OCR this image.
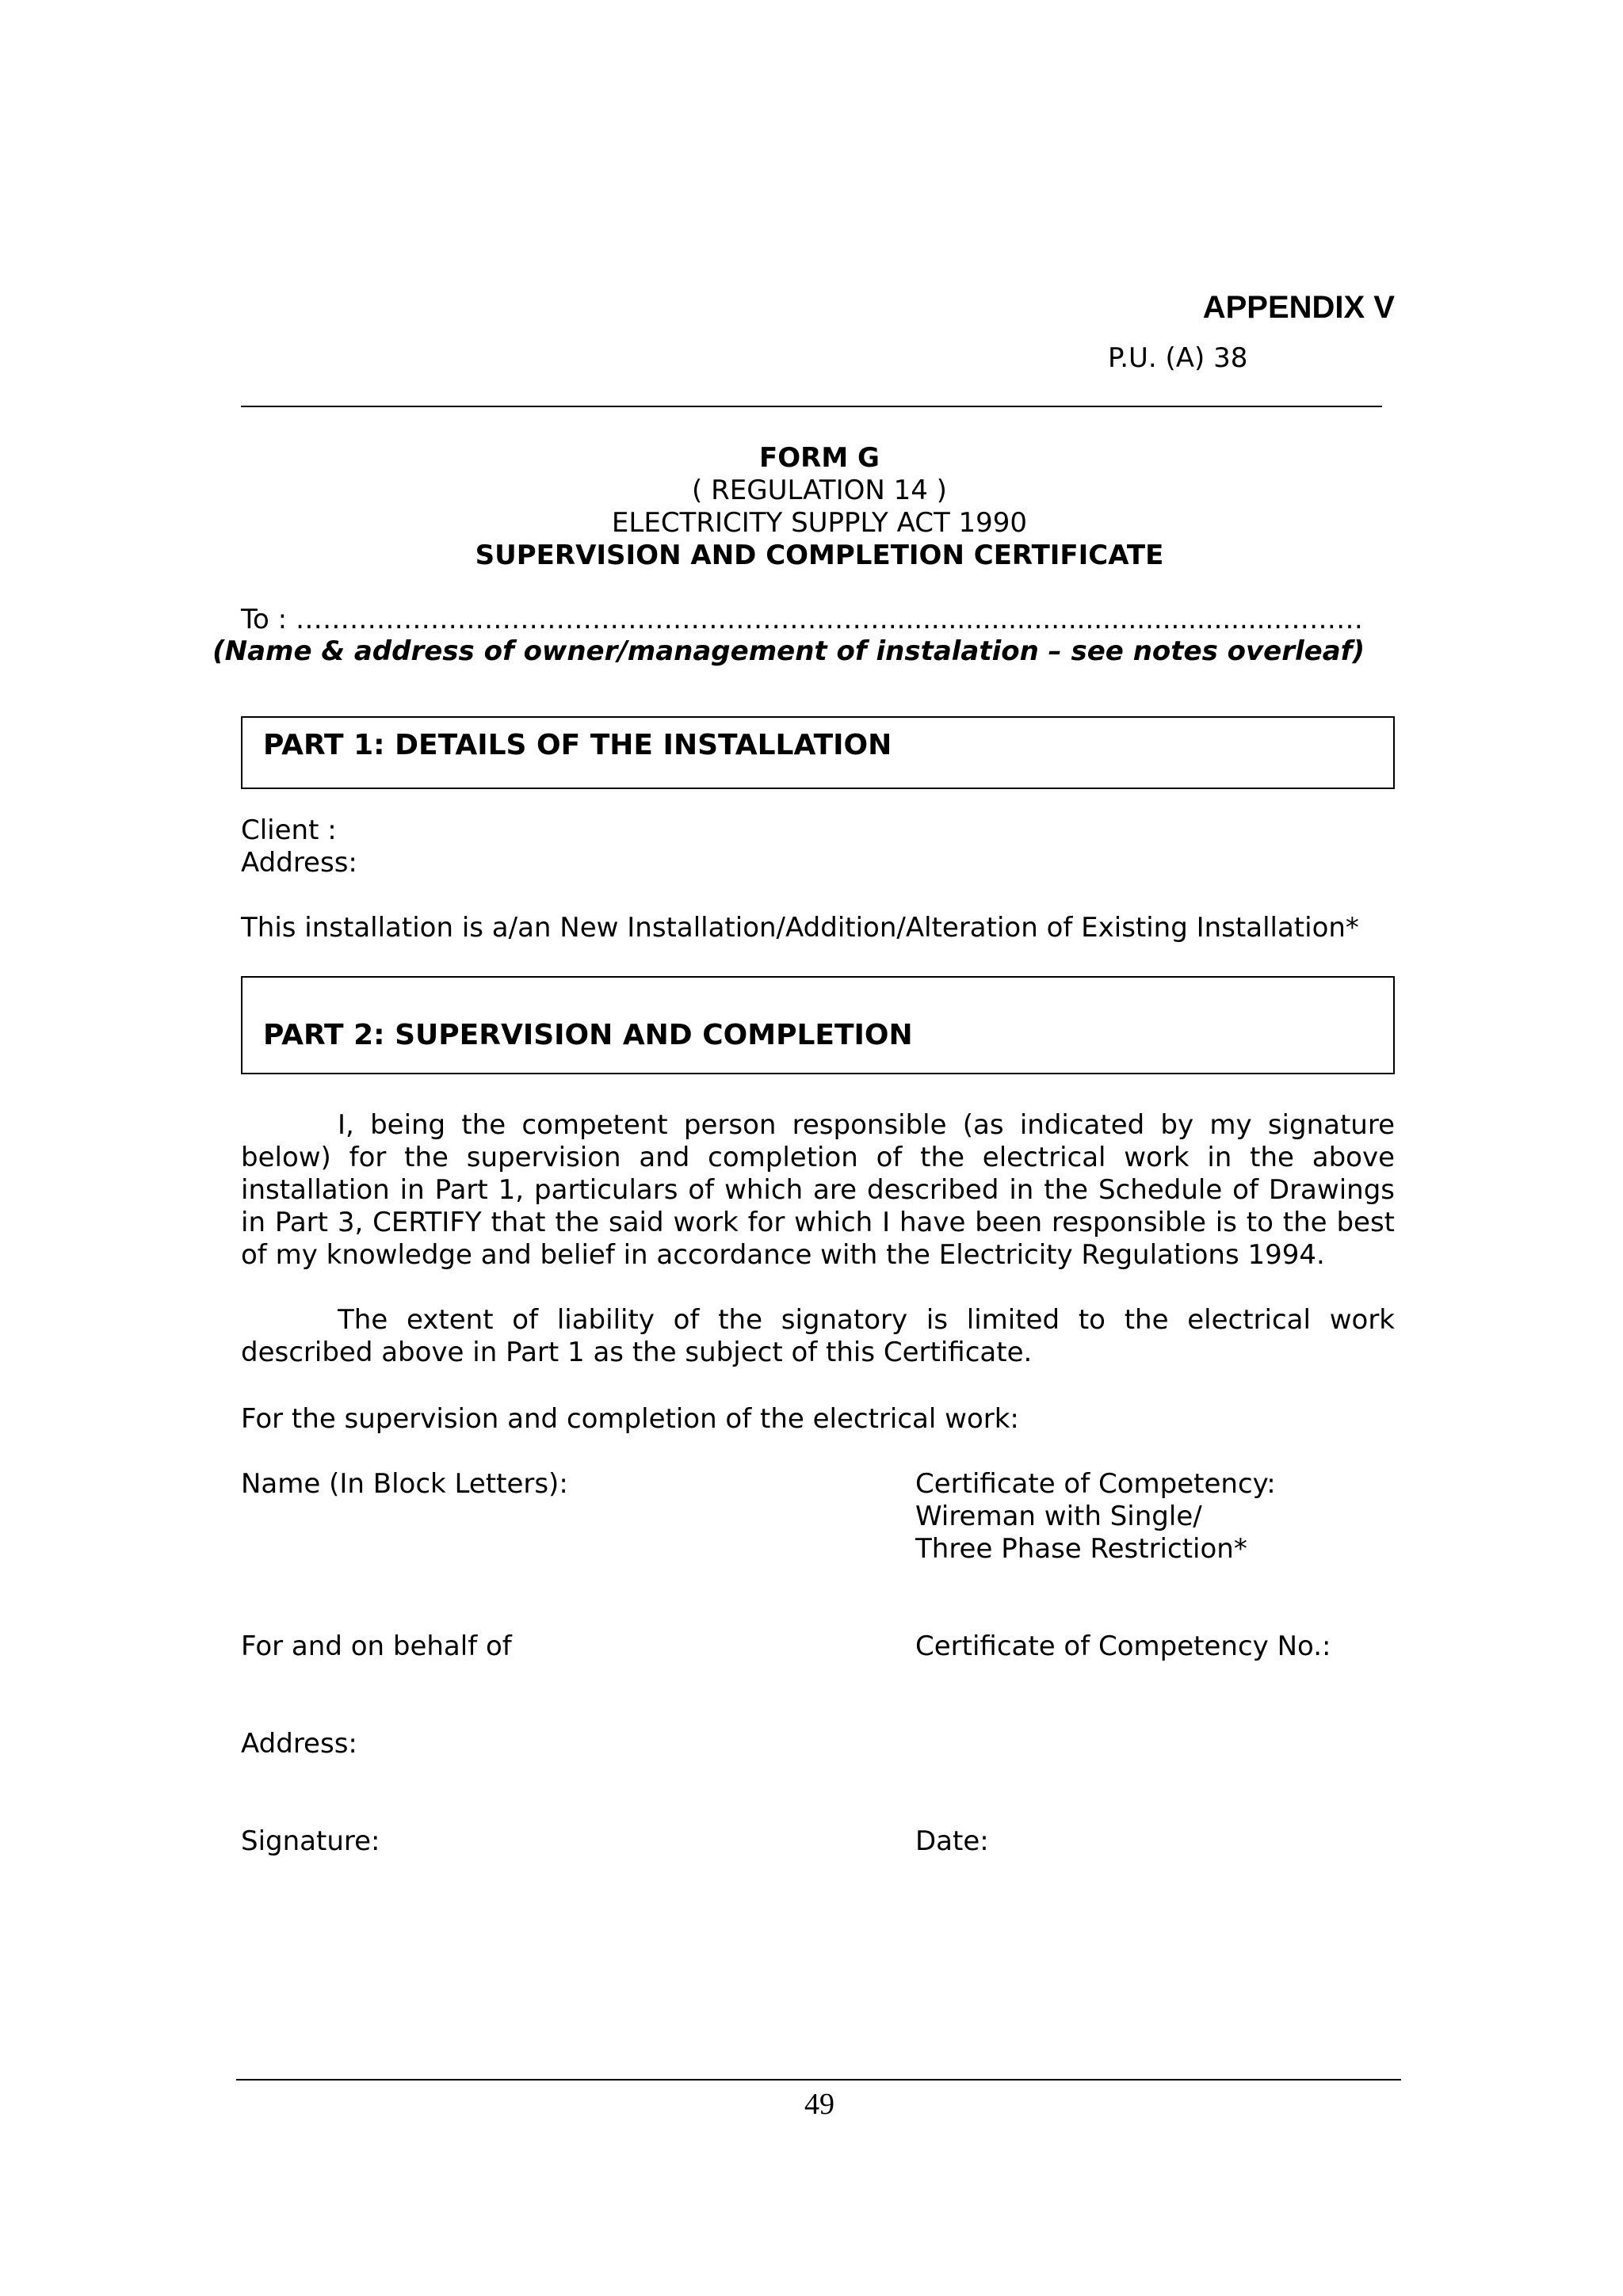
APPENDIX V
P.U. (A) 38
FORM G
( REGULATION 14 )
ELECTRICITY SUPPLY ACT 1990
SUPERVISION AND COMPLETION CERTIFICATE
To : …………………………………………………………..............................................………
(Name & address of owner/management of instalation – see notes overleaf)
PART 1: DETAILS OF THE INSTALLATION
Client :
Address:
This installation is a/an New Installation/Addition/Alteration of Existing Installation*
PART 2: SUPERVISION AND COMPLETION
I, being the competent person responsible (as indicated by my signature below) for the supervision and completion of the electrical work in the above installation in Part 1, particulars of which are described in the Schedule of Drawings in Part 3, CERTIFY that the said work for which I have been responsible is to the best of my knowledge and belief in accordance with the Electricity Regulations 1994.
The extent of liability of the signatory is limited to the electrical work described above in Part 1 as the subject of this Certificate.
For the supervision and completion of the electrical work:
Name (In Block Letters):	Certificate of Competency:
Wireman with Single/
Three Phase Restriction*
For and on behalf of	Certificate of Competency No.:
Address:
Signature:	Date:
49
